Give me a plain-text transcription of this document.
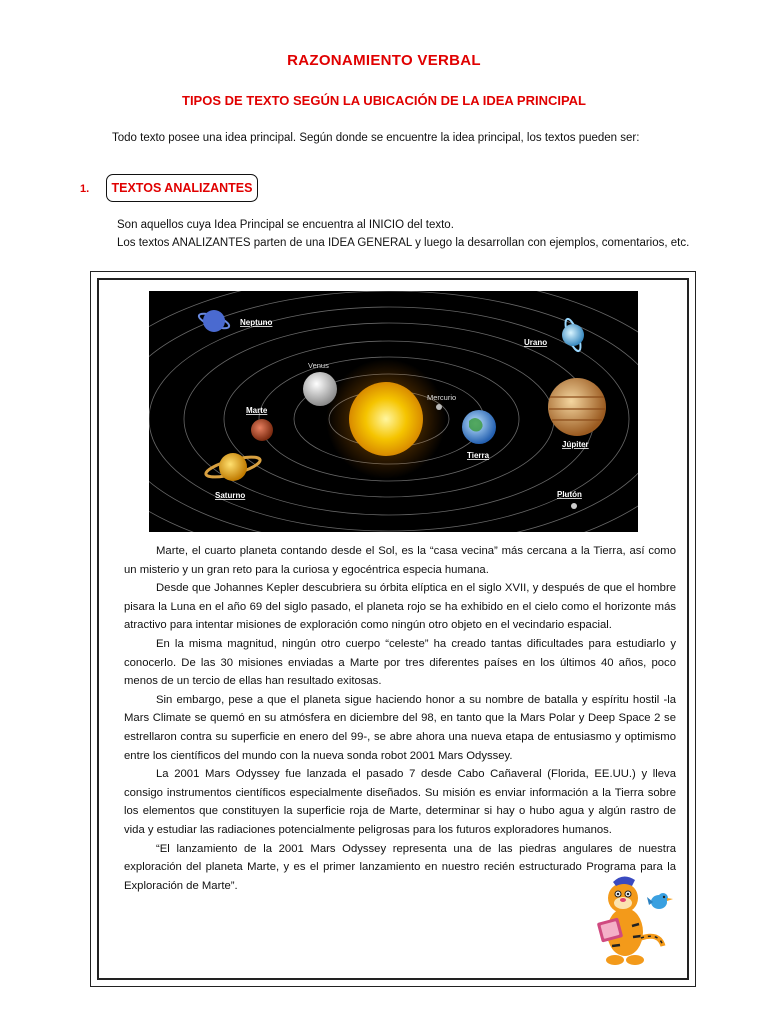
RAZONAMIENTO VERBAL
TIPOS DE TEXTO SEGÚN LA UBICACIÓN DE LA IDEA PRINCIPAL
Todo texto posee una idea principal. Según donde se encuentre la idea principal, los textos pueden ser:
1. TEXTOS ANALIZANTES
Son aquellos cuya Idea Principal se encuentra al INICIO del texto.
Los textos ANALIZANTES parten de una IDEA GENERAL y luego la desarrollan con ejemplos, comentarios, etc.
Neptuno
Urano
Venus
Mercurio
Marte
Júpiter
Tierra
Saturno	Plutón

Marte, el cuarto planeta contando desde el Sol, es la “casa vecina” más cercana a la Tierra, así como un misterio y un gran reto para la curiosa y egocéntrica especia humana.

Desde que Johannes Kepler descubriera su órbita elíptica en el siglo XVII, y después de que el hombre pisara la Luna en el año 69 del siglo pasado, el planeta rojo se ha exhibido en el cielo como el horizonte más atractivo para intentar misiones de exploración como ningún otro objeto en el vecindario espacial.

En la misma magnitud, ningún otro cuerpo “celeste” ha creado tantas dificultades para estudiarlo y conocerlo. De las 30 misiones enviadas a Marte por tres diferentes países en los últimos 40 años, poco menos de un tercio de ellas han resultado exitosas.

Sin embargo, pese a que el planeta sigue haciendo honor a su nombre de batalla y espíritu hostil -la Mars Climate se quemó en su atmósfera en diciembre del 98, en tanto que la Mars Polar y Deep Space 2 se estrellaron contra su superficie en enero del 99-, se abre ahora una nueva etapa de entusiasmo y optimismo entre los científicos del mundo con la nueva sonda robot 2001 Mars Odyssey.

La 2001 Mars Odyssey fue lanzada el pasado 7 desde Cabo Cañaveral (Florida, EE.UU.) y lleva consigo instrumentos científicos especialmente diseñados. Su misión es enviar información a la Tierra sobre los elementos que constituyen la superficie roja de Marte, determinar si hay o hubo agua y algún rastro de vida y estudiar las radiaciones potencialmente peligrosas para los futuros exploradores humanos.

“El lanzamiento de la 2001 Mars Odyssey representa una de las piedras angulares de nuestra exploración del planeta Marte, y es el primer lanzamiento en nuestro recién estructurado Programa para la Exploración de Marte”.
